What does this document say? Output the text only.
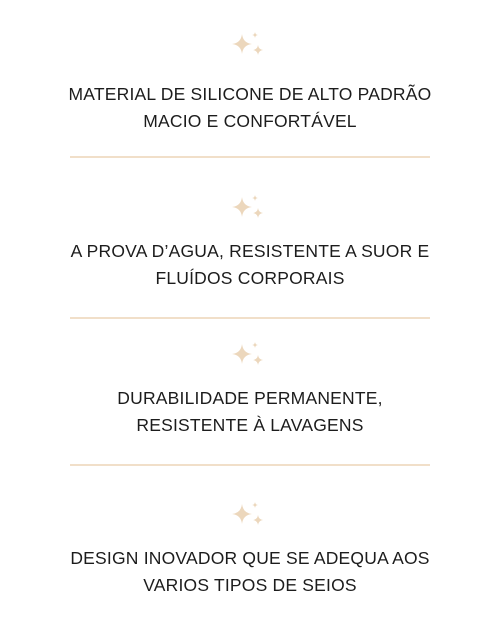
MATERIAL DE SILICONE DE ALTO PADRÃO
MACIO E CONFORTÁVEL
A PROVA D’AGUA, RESISTENTE A SUOR E
FLUÍDOS CORPORAIS
DURABILIDADE PERMANENTE,
RESISTENTE À LAVAGENS
DESIGN INOVADOR QUE SE ADEQUA AOS
VARIOS TIPOS DE SEIOS
